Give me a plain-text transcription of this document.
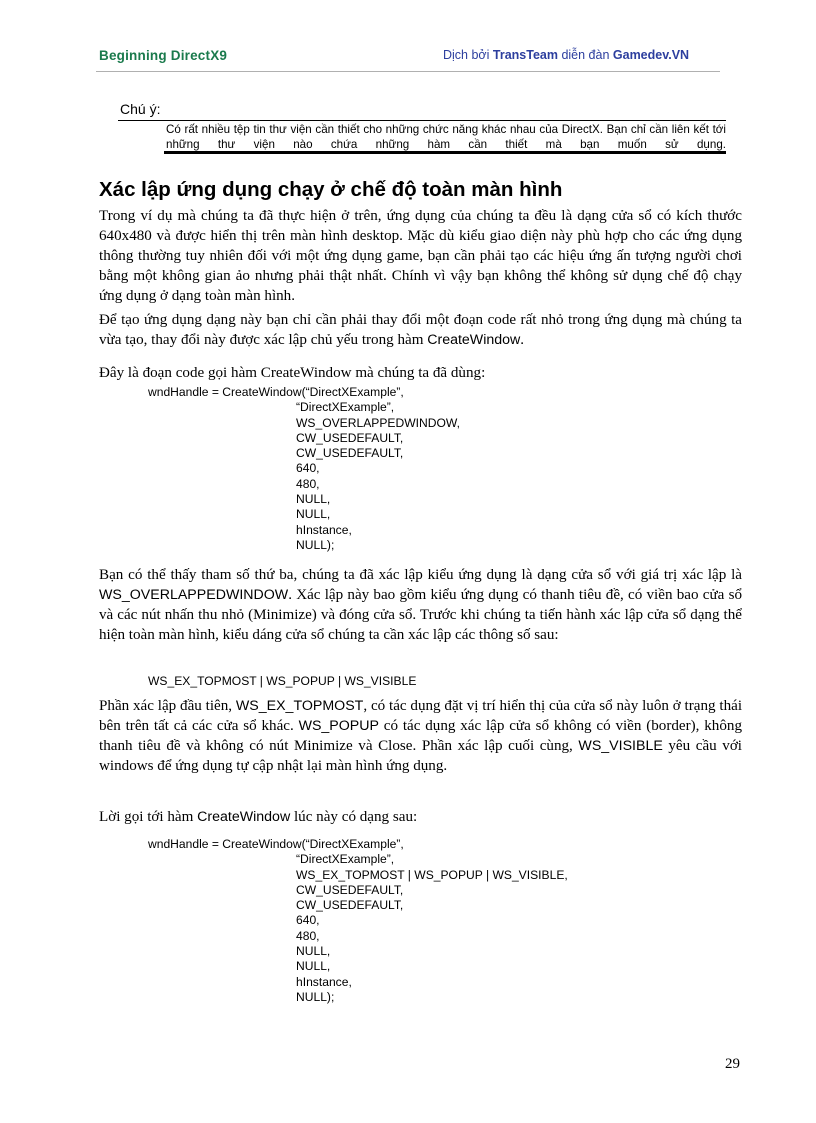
Beginning DirectX9	Dịch bởi TransTeam diễn đàn Gamedev.VN
Chú ý:
Có rất nhiều tệp tin thư viện cần thiết cho những chức năng khác nhau của DirectX. Bạn chỉ cần liên kết tới những thư viện nào chứa những hàm cần thiết mà bạn muốn sử dụng.
Xác lập ứng dụng chạy ở chế độ toàn màn hình
Trong ví dụ mà chúng ta đã thực hiện ở trên, ứng dụng của chúng ta đều là dạng cửa sổ có kích thước 640x480 và được hiển thị trên màn hình desktop. Mặc dù kiểu giao diện này phù hợp cho các ứng dụng thông thường tuy nhiên đối với một ứng dụng game, bạn cần phải tạo các hiệu ứng ấn tượng người chơi bằng một không gian ảo nhưng phải thật nhất. Chính vì vậy bạn không thể không sử dụng chế độ chạy ứng dụng ở dạng toàn màn hình.
Để tạo ứng dụng dạng này bạn chỉ cần phải thay đổi một đoạn code rất nhỏ trong ứng dụng mà chúng ta vừa tạo, thay đổi này được xác lập chủ yếu trong hàm CreateWindow.
Đây là đoạn code gọi hàm CreateWindow mà chúng ta đã dùng:
wndHandle = CreateWindow(“DirectXExample”,
“DirectXExample”,
WS_OVERLAPPEDWINDOW,
CW_USEDEFAULT,
CW_USEDEFAULT,
640,
480,
NULL,
NULL,
hInstance,
NULL);
Bạn có thể thấy tham số thứ ba, chúng ta đã xác lập kiểu ứng dụng là dạng cửa sổ với giá trị xác lập là WS_OVERLAPPEDWINDOW. Xác lập này bao gồm kiểu ứng dụng có thanh tiêu đề, có viền bao cửa sổ và các nút nhấn thu nhỏ (Minimize) và đóng cửa sổ. Trước khi chúng ta tiến hành xác lập cửa sổ dạng thể hiện toàn màn hình, kiểu dáng cửa sổ chúng ta cần xác lập các thông số sau:
WS_EX_TOPMOST | WS_POPUP | WS_VISIBLE
Phần xác lập đầu tiên, WS_EX_TOPMOST, có tác dụng đặt vị trí hiển thị của cửa sổ này luôn ở trạng thái bên trên tất cả các cửa sổ khác. WS_POPUP có tác dụng xác lập cửa sổ không có viền (border), không thanh tiêu đề và không có nút Minimize và Close. Phần xác lập cuối cùng, WS_VISIBLE yêu cầu với windows để ứng dụng tự cập nhật lại màn hình ứng dụng.
Lời gọi tới hàm CreateWindow lúc này có dạng sau:
wndHandle = CreateWindow(“DirectXExample”,
“DirectXExample”,
WS_EX_TOPMOST | WS_POPUP | WS_VISIBLE,
CW_USEDEFAULT,
CW_USEDEFAULT,
640,
480,
NULL,
NULL,
hInstance,
NULL);
29
